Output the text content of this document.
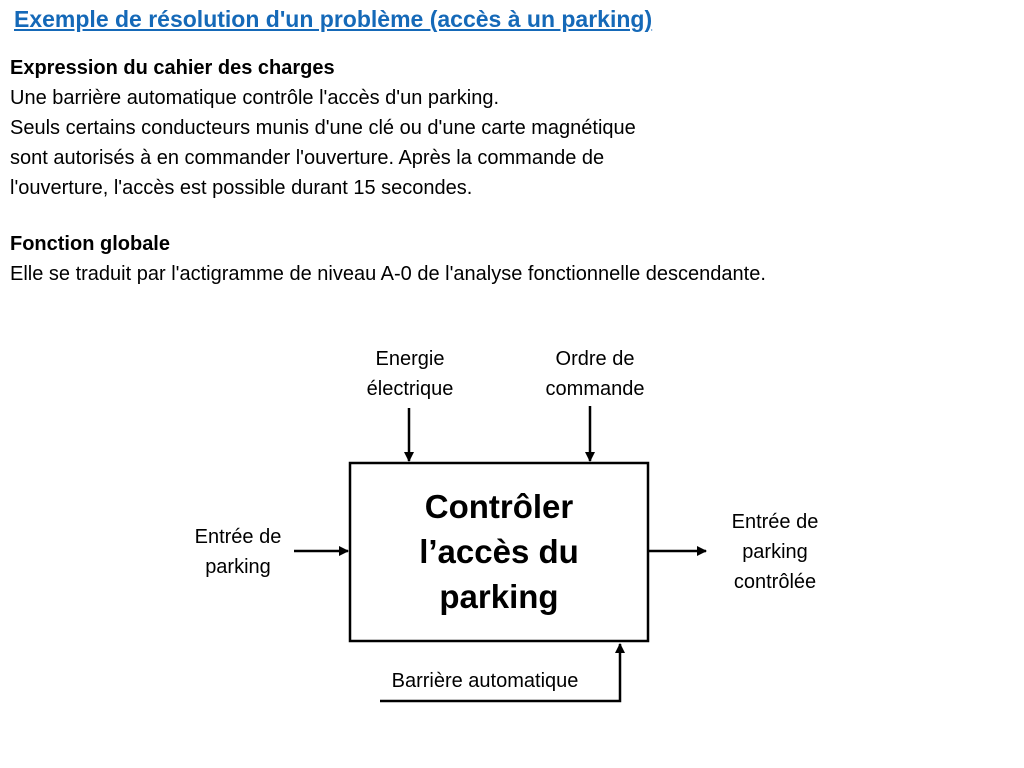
Exemple de résolution d'un problème (accès à un parking)
Expression du cahier des charges
Une barrière automatique contrôle l'accès d'un parking.
Seuls certains conducteurs munis d'une clé ou d'une carte magnétique
sont autorisés à en commander l'ouverture. Après la commande de
l'ouverture, l'accès est possible durant 15 secondes.
Fonction globale
Elle se traduit par l'actigramme de niveau A-0 de l'analyse fonctionnelle descendante.
Contrôler
l’accès du
parking
Energie
électrique
Ordre de
commande
Entrée de
parking
Entrée de
parking
contrôlée
Barrière automatique
